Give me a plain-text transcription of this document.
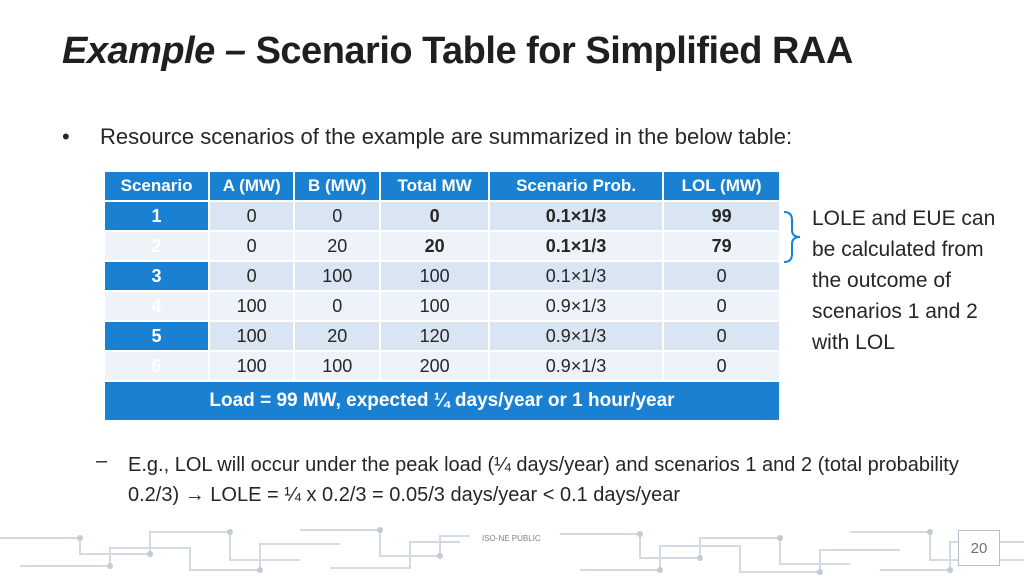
Example – Scenario Table for Simplified RAA
• Resource scenarios of the example are summarized in the below table:
Scenario	A (MW)	B (MW)	Total MW	Scenario Prob.	LOL (MW)
1	0	0	0	0.1×1/3	99
2	0	20	20	0.1×1/3	79
3	0	100	100	0.1×1/3	0
4	100	0	100	0.9×1/3	0
5	100	20	120	0.9×1/3	0
6	100	100	200	0.9×1/3	0
Load = 99 MW, expected ¼ days/year or 1 hour/year					
LOLE and EUE can be calculated from the outcome of scenarios 1 and 2 with LOL
– E.g., LOL will occur under the peak load (¼ days/year) and scenarios 1 and 2 (total probability 0.2/3) → LOLE = ¼ x 0.2/3 = 0.05/3 days/year < 0.1 days/year
ISO-NE PUBLIC
20
